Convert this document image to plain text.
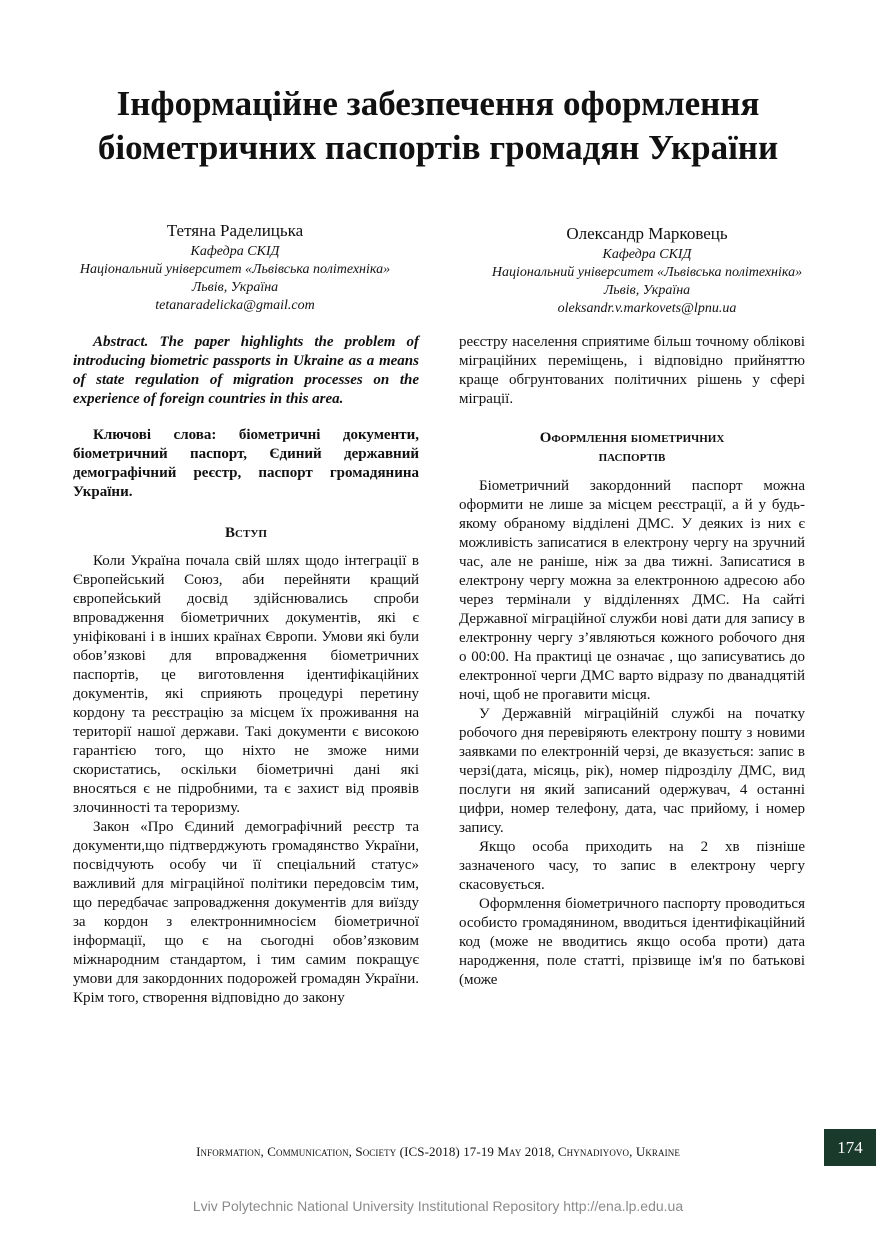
Інформаційне забезпечення оформлення
біометричних паспортів громадян України
Тетяна Раделицька
Кафедра СКІД
Національний університет «Львівська політехніка»
Львів, Україна
tetanaradelicka@gmail.com
Олександр Марковець
Кафедра СКІД
Національний університет «Львівська політехніка»
Львів, Україна
oleksandr.v.markovets@lpnu.ua

Abstract. The paper highlights the problem of introducing biometric passports in Ukraine as a means of state regulation of migration processes on the experience of foreign countries in this area.

Ключові слова: біометричні документи, біометричний паспорт, Єдиний державний демографічний реєстр, паспорт громадянина України.

Вступ

Коли Україна почала свій шлях щодо інтеграції в Європейський Союз, аби перейняти кращий європейський досвід здійснювались спроби впровадження біометричних документів, які є уніфіковані і в інших країнах Європи. Умови які були обов’язкові для впровадження біометричних паспортів, це виготовлення ідентифікаційних документів, які сприяють процедурі перетину кордону та реєстрацію за місцем їх проживання на території нашої держави. Такі документи є високою гарантією того, що ніхто не зможе ними скористатись, оскільки біометричні дані які вносяться є не підробними, та є захист від проявів злочинності та тероризму.

Закон «Про Єдиний демографічний реєстр та документи,що підтверджують громадянство України, посвідчують особу чи її спеціальний статус» важливий для міграційної політики передовсім тим, що передбачає запровадження документів для виїзду за кордон з електроннимносієм біометричної інформації, що є на сьогодні обов’язковим міжнародним стандартом, і тим самим покращує умови для закордонних подорожей громадян України. Крім того, створення відповідно до закону

реєстру населення сприятиме більш точному облікові міграційних переміщень, і відповідно прийняттю краще обгрунтованих політичних рішень у сфері міграції.

Оформлення біометричних
паспортів

Біометричний закордонний паспорт можна оформити не лише за місцем реєстрації, а й у будь-якому обраному відділені ДМС. У деяких із них є можливість записатися в електрону чергу на зручний час, але не раніше, ніж за два тижні. Записатися в електрону чергу можна за електронною адресою або через термінали у відділеннях ДМС. На сайті Державної міграційної служби нові дати для запису в електронну чергу з’являються кожного робочого дня о 00:00. На практиці це означає , що записуватись до електронної черги ДМС варто відразу по дванадцятій ночі, щоб не прогавити місця.

У Державній міграційній службі на початку робочого дня перевіряють електрону пошту з новими заявками по електронній черзі, де вказується: запис в черзі(дата, місяць, рік), номер підрозділу ДМС, вид послуги ня який записаний одержувач, 4 останні цифри, номер телефону, дата, час прийому, і номер запису.

Якщо особа приходить на 2 хв пізніше зазначеного часу, то запис в електрону чергу скасовується.

Оформлення біометричного паспорту проводиться особисто громадянином, вводиться ідентифікаційний код (може не вводитись якщо особа проти) дата народження, поле статті, прізвище ім'я по батькові (може

Information, Communication, Society (ICS-2018) 17-19 May 2018, Chynadiyovo, Ukraine	174
Lviv Polytechnic National University Institutional Repository http://ena.lp.edu.ua
